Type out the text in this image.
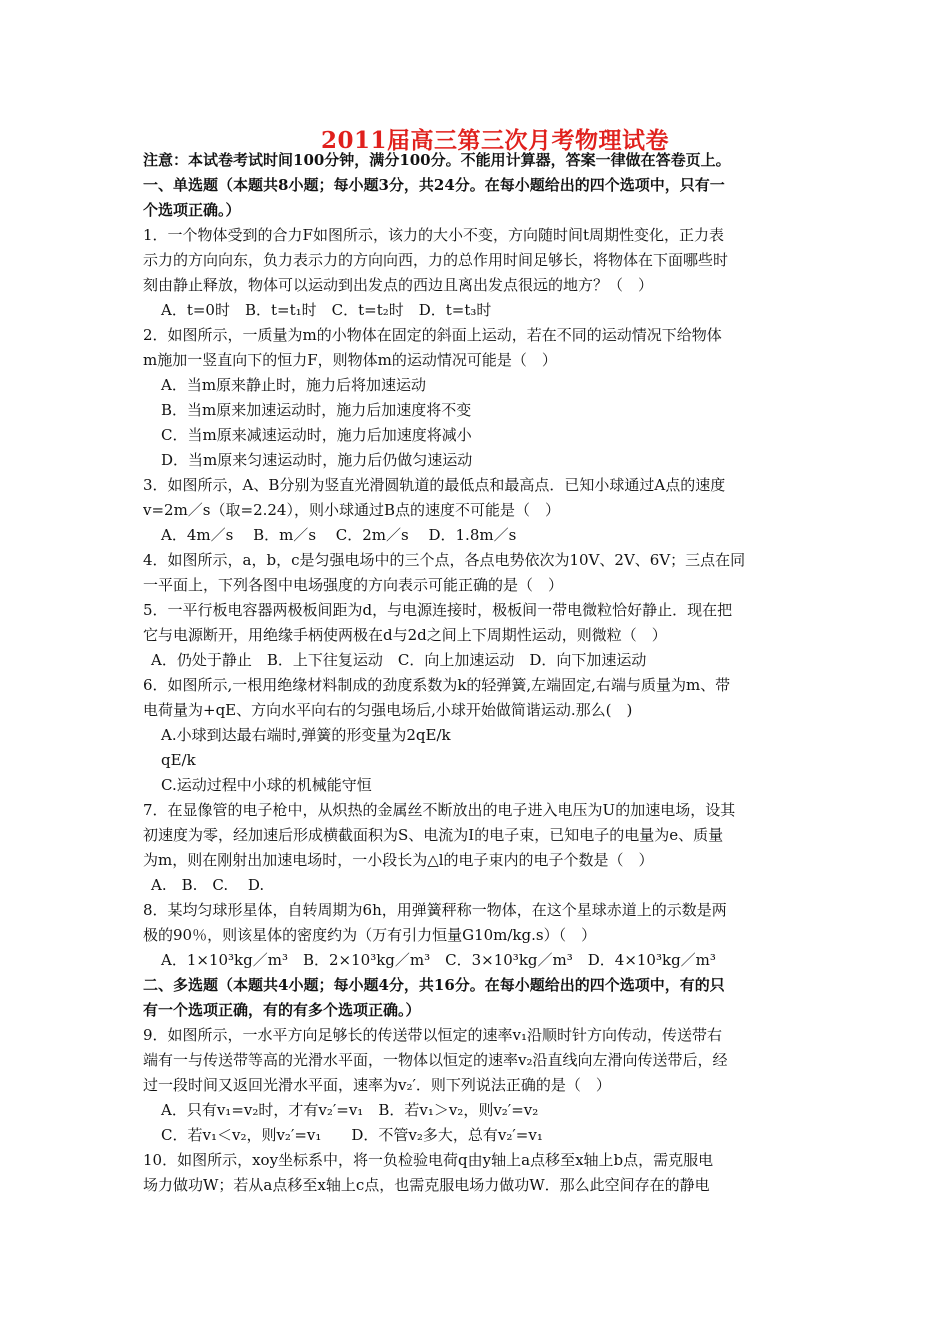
2011届高三第三次月考物理试卷
注意：本试卷考试时间100分钟，满分100分。不能用计算器，答案一律做在答卷页上。
一、单选题（本题共8小题；每小题3分，共24分。在每小题给出的四个选项中，只有一
个选项正确。）
1．一个物体受到的合力F如图所示，该力的大小不变，方向随时间t周期性变化，正力表
示力的方向向东，负力表示力的方向向西，力的总作用时间足够长，将物体在下面哪些时
刻由静止释放，物体可以运动到出发点的西边且离出发点很远的地方？（　）
A．t=0时　B．t=t₁时　C．t=t₂时　D．t=t₃时
2．如图所示，一质量为m的小物体在固定的斜面上运动，若在不同的运动情况下给物体
m施加一竖直向下的恒力F，则物体m的运动情况可能是（　）
A．当m原来静止时，施力后将加速运动
B．当m原来加速运动时，施力后加速度将不变
C．当m原来减速运动时，施力后加速度将减小
D．当m原来匀速运动时，施力后仍做匀速运动
3．如图所示，A、B分别为竖直光滑圆轨道的最低点和最高点．已知小球通过A点的速度
v=2m／s（取=2.24），则小球通过B点的速度不可能是（　）
A．4m／s　 B．m／s　 C．2m／s　 D．1.8m／s
4．如图所示，a，b，c是匀强电场中的三个点，各点电势依次为10V、2V、6V；三点在同
一平面上，下列各图中电场强度的方向表示可能正确的是（　）
5．一平行板电容器两极板间距为d，与电源连接时，极板间一带电微粒恰好静止．现在把
它与电源断开，用绝缘手柄使两极在d与2d之间上下周期性运动，则微粒（　）
A．仍处于静止　B．上下往复运动　C．向上加速运动　D．向下加速运动
6．如图所示,一根用绝缘材料制成的劲度系数为k的轻弹簧,左端固定,右端与质量为m、带
电荷量为+qE、方向水平向右的匀强电场后,小球开始做简谐运动.那么(　)
A.小球到达最右端时,弹簧的形变量为2qE/k
qE/k
C.运动过程中小球的机械能守恒
7．在显像管的电子枪中，从炽热的金属丝不断放出的电子进入电压为U的加速电场，设其
初速度为零，经加速后形成横截面积为S、电流为I的电子束，已知电子的电量为e、质量
为m，则在刚射出加速电场时，一小段长为△l的电子束内的电子个数是（　）
A.　B.　C.　 D.
8．某均匀球形星体，自转周期为6h，用弹簧秤称一物体，在这个星球赤道上的示数是两
极的90％，则该星体的密度约为（万有引力恒量G10m/kg.s）（　）
A．1×10³kg／m³　B．2×10³kg／m³　C．3×10³kg／m³　D．4×10³kg／m³
二、多选题（本题共4小题；每小题4分，共16分。在每小题给出的四个选项中，有的只
有一个选项正确，有的有多个选项正确。）
9．如图所示，一水平方向足够长的传送带以恒定的速率v₁沿顺时针方向传动，传送带右
端有一与传送带等高的光滑水平面，一物体以恒定的速率v₂沿直线向左滑向传送带后，经
过一段时间又返回光滑水平面，速率为v₂′．则下列说法正确的是（　）
A．只有v₁=v₂时，才有v₂′=v₁　B．若v₁＞v₂，则v₂′=v₂
C．若v₁＜v₂，则v₂′=v₁　　D．不管v₂多大，总有v₂′=v₁
10．如图所示，xoy坐标系中，将一负检验电荷q由y轴上a点移至x轴上b点，需克服电
场力做功W；若从a点移至x轴上c点，也需克服电场力做功W．那么此空间存在的静电
